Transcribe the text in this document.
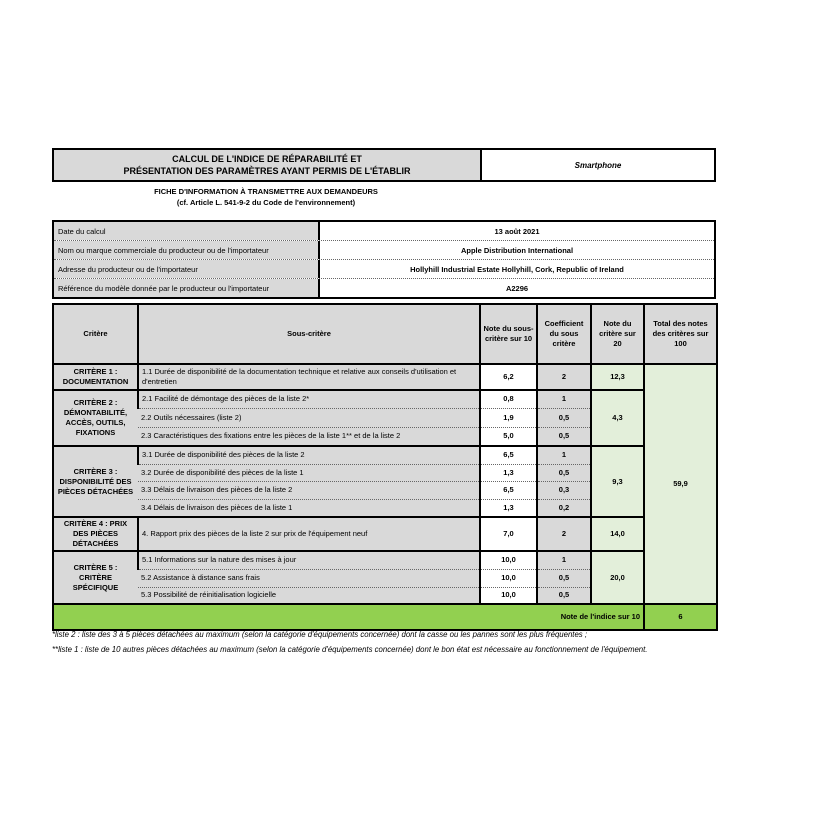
CALCUL DE L'INDICE DE RÉPARABILITÉ ET
PRÉSENTATION DES PARAMÈTRES AYANT PERMIS DE L'ÉTABLIR
Smartphone
FICHE D'INFORMATION À TRANSMETTRE AUX DEMANDEURS
(cf. Article L. 541-9-2 du Code de l'environnement)
Date du calcul	13 août 2021
Nom ou marque commerciale du producteur ou de l'importateur	Apple Distribution International
Adresse du producteur ou de l'importateur	Hollyhill Industrial Estate Hollyhill, Cork, Republic of Ireland
Référence du modèle donnée par le producteur ou l'importateur	A2296
Critère	Sous-critère	Note du sous-critère sur 10	Coefficient du sous critère	Note du critère sur 20	Total des notes des critères sur 100
CRITÈRE 1 : DOCUMENTATION	1.1 Durée de disponibilité de la documentation technique et relative aux conseils d'utilisation et d'entretien	6,2	2	12,3	59,9
CRITÈRE 2 : DÉMONTABILITÉ, ACCÈS, OUTILS, FIXATIONS	2.1 Facilité de démontage des pièces de la liste 2*	0,8	1	4,3	
	2.2 Outils nécessaires (liste 2)	1,9	0,5		
	2.3 Caractéristiques des fixations entre les pièces de la liste 1** et de la liste 2	5,0	0,5		
CRITÈRE 3 : DISPONIBILITÉ DES PIÈCES DÉTACHÉES	3.1 Durée de disponibilité des pièces de la liste 2	6,5	1	9,3	
	3.2 Durée de disponibilité des pièces de la liste 1	1,3	0,5		
	3.3 Délais de livraison des pièces de la liste 2	6,5	0,3		
	3.4 Délais de livraison des pièces de la liste 1	1,3	0,2		
CRITÈRE 4 : PRIX DES PIÈCES DÉTACHÉES	4. Rapport prix des pièces de la liste 2 sur prix de l'équipement neuf	7,0	2	14,0	
CRITÈRE 5 : CRITÈRE SPÉCIFIQUE	5.1 Informations sur la nature des mises à jour	10,0	1	20,0	
	5.2 Assistance à distance sans frais	10,0	0,5		
	5.3 Possibilité de réinitialisation logicielle	10,0	0,5		
Note de l'indice sur 10					6
*liste 2 : liste des 3 à 5 pièces détachées au maximum (selon la catégorie d'équipements concernée) dont la casse ou les pannes sont les plus fréquentes ;
**liste 1 : liste de 10 autres pièces détachées au maximum (selon la catégorie d'équipements concernée) dont le bon état est nécessaire au fonctionnement de l'équipement.
